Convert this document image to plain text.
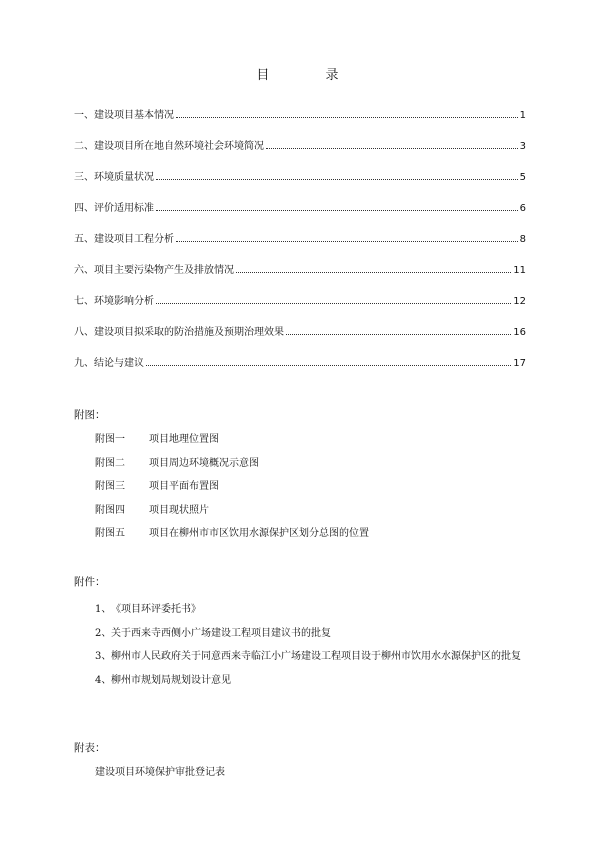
目 录
一、建设项目基本情况	1
二、建设项目所在地自然环境社会环境简况	3
三、环境质量状况	5
四、评价适用标准	6
五、建设项目工程分析	8
六、项目主要污染物产生及排放情况	11
七、环境影响分析	12
八、建设项目拟采取的防治措施及预期治理效果	16
九、结论与建议	17
附图：
附图一	项目地理位置图
附图二	项目周边环境概况示意图
附图三	项目平面布置图
附图四	项目现状照片
附图五	项目在柳州市市区饮用水源保护区划分总图的位置
附件：
1、 《项目环评委托书》
2、 关于西来寺西侧小广场建设工程项目建议书的批复
3、 柳州市人民政府关于同意西来寺临江小广场建设工程项目设于柳州市饮用水水源保护区的批复
4、 柳州市规划局规划设计意见
附表：
建设项目环境保护审批登记表
